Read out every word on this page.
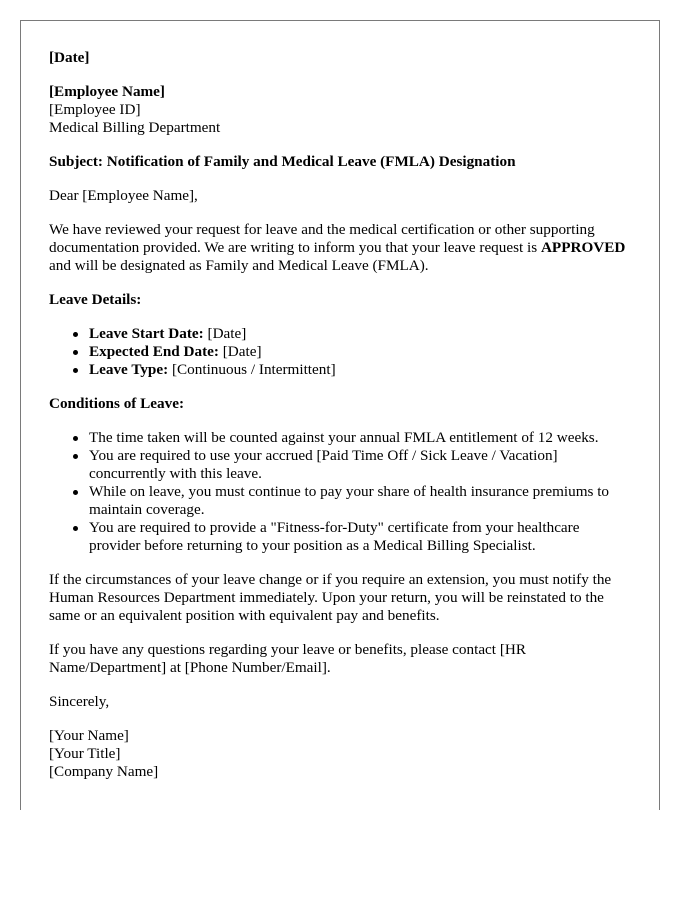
[Date]

[Employee Name]
[Employee ID]
Medical Billing Department

Subject: Notification of Family and Medical Leave (FMLA) Designation

Dear [Employee Name],

We have reviewed your request for leave and the medical certification or other supporting documentation provided. We are writing to inform you that your leave request is APPROVED and will be designated as Family and Medical Leave (FMLA).

Leave Details:

Leave Start Date: [Date]
Expected End Date: [Date]
Leave Type: [Continuous / Intermittent]

Conditions of Leave:

The time taken will be counted against your annual FMLA entitlement of 12 weeks.
You are required to use your accrued [Paid Time Off / Sick Leave / Vacation] concurrently with this leave.
While on leave, you must continue to pay your share of health insurance premiums to maintain coverage.
You are required to provide a "Fitness-for-Duty" certificate from your healthcare provider before returning to your position as a Medical Billing Specialist.

If the circumstances of your leave change or if you require an extension, you must notify the Human Resources Department immediately. Upon your return, you will be reinstated to the same or an equivalent position with equivalent pay and benefits.

If you have any questions regarding your leave or benefits, please contact [HR Name/Department] at [Phone Number/Email].

Sincerely,

[Your Name]
[Your Title]
[Company Name]
